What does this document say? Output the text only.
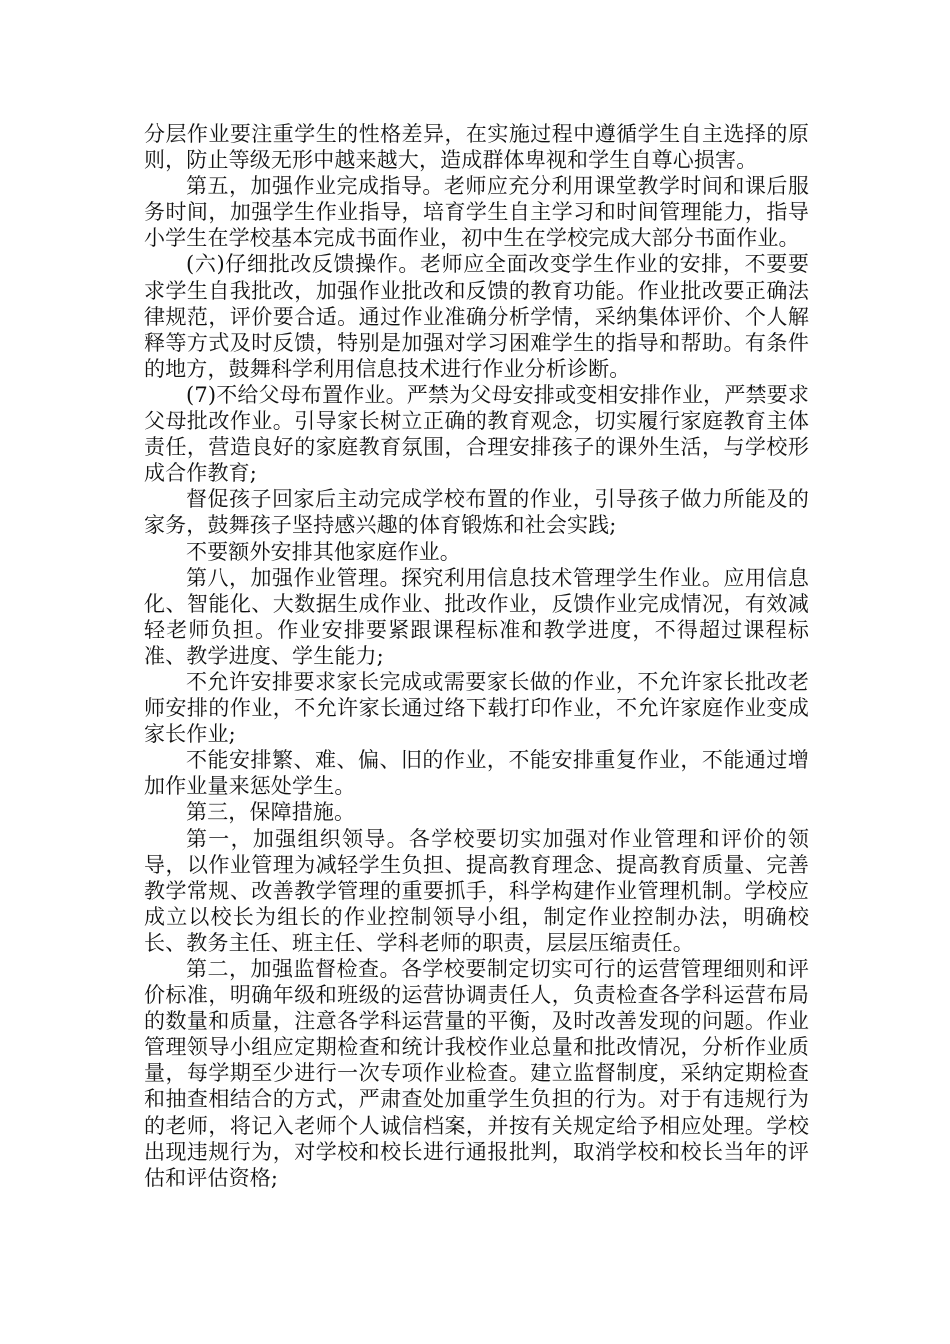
分层作业要注重学生的性格差异，在实施过程中遵循学生自主选择的原则，防止等级无形中越来越大，造成群体卑视和学生自尊心损害。

第五，加强作业完成指导。老师应充分利用课堂教学时间和课后服务时间，加强学生作业指导，培育学生自主学习和时间管理能力，指导小学生在学校基本完成书面作业，初中生在学校完成大部分书面作业。

(六)仔细批改反馈操作。老师应全面改变学生作业的安排，不要要求学生自我批改，加强作业批改和反馈的教育功能。作业批改要正确法律规范，评价要合适。通过作业准确分析学情，采纳集体评价、个人解释等方式及时反馈，特别是加强对学习困难学生的指导和帮助。有条件的地方，鼓舞科学利用信息技术进行作业分析诊断。

(7)不给父母布置作业。严禁为父母安排或变相安排作业，严禁要求父母批改作业。引导家长树立正确的教育观念，切实履行家庭教育主体责任，营造良好的家庭教育氛围，合理安排孩子的课外生活，与学校形成合作教育;

督促孩子回家后主动完成学校布置的作业，引导孩子做力所能及的家务，鼓舞孩子坚持感兴趣的体育锻炼和社会实践;

不要额外安排其他家庭作业。

第八，加强作业管理。探究利用信息技术管理学生作业。应用信息化、智能化、大数据生成作业、批改作业，反馈作业完成情况，有效减轻老师负担。作业安排要紧跟课程标准和教学进度，不得超过课程标准、教学进度、学生能力;

不允许安排要求家长完成或需要家长做的作业，不允许家长批改老师安排的作业，不允许家长通过络下载打印作业，不允许家庭作业变成家长作业;

不能安排繁、难、偏、旧的作业，不能安排重复作业，不能通过增加作业量来惩处学生。

第三，保障措施。

第一，加强组织领导。各学校要切实加强对作业管理和评价的领导，以作业管理为减轻学生负担、提高教育理念、提高教育质量、完善教学常规、改善教学管理的重要抓手，科学构建作业管理机制。学校应成立以校长为组长的作业控制领导小组，制定作业控制办法，明确校长、教务主任、班主任、学科老师的职责，层层压缩责任。

第二，加强监督检查。各学校要制定切实可行的运营管理细则和评价标准，明确年级和班级的运营协调责任人，负责检查各学科运营布局的数量和质量，注意各学科运营量的平衡，及时改善发现的问题。作业管理领导小组应定期检查和统计我校作业总量和批改情况，分析作业质量，每学期至少进行一次专项作业检查。建立监督制度，采纳定期检查和抽查相结合的方式，严肃查处加重学生负担的行为。对于有违规行为的老师，将记入老师个人诚信档案，并按有关规定给予相应处理。学校出现违规行为，对学校和校长进行通报批判，取消学校和校长当年的评估和评估资格;
